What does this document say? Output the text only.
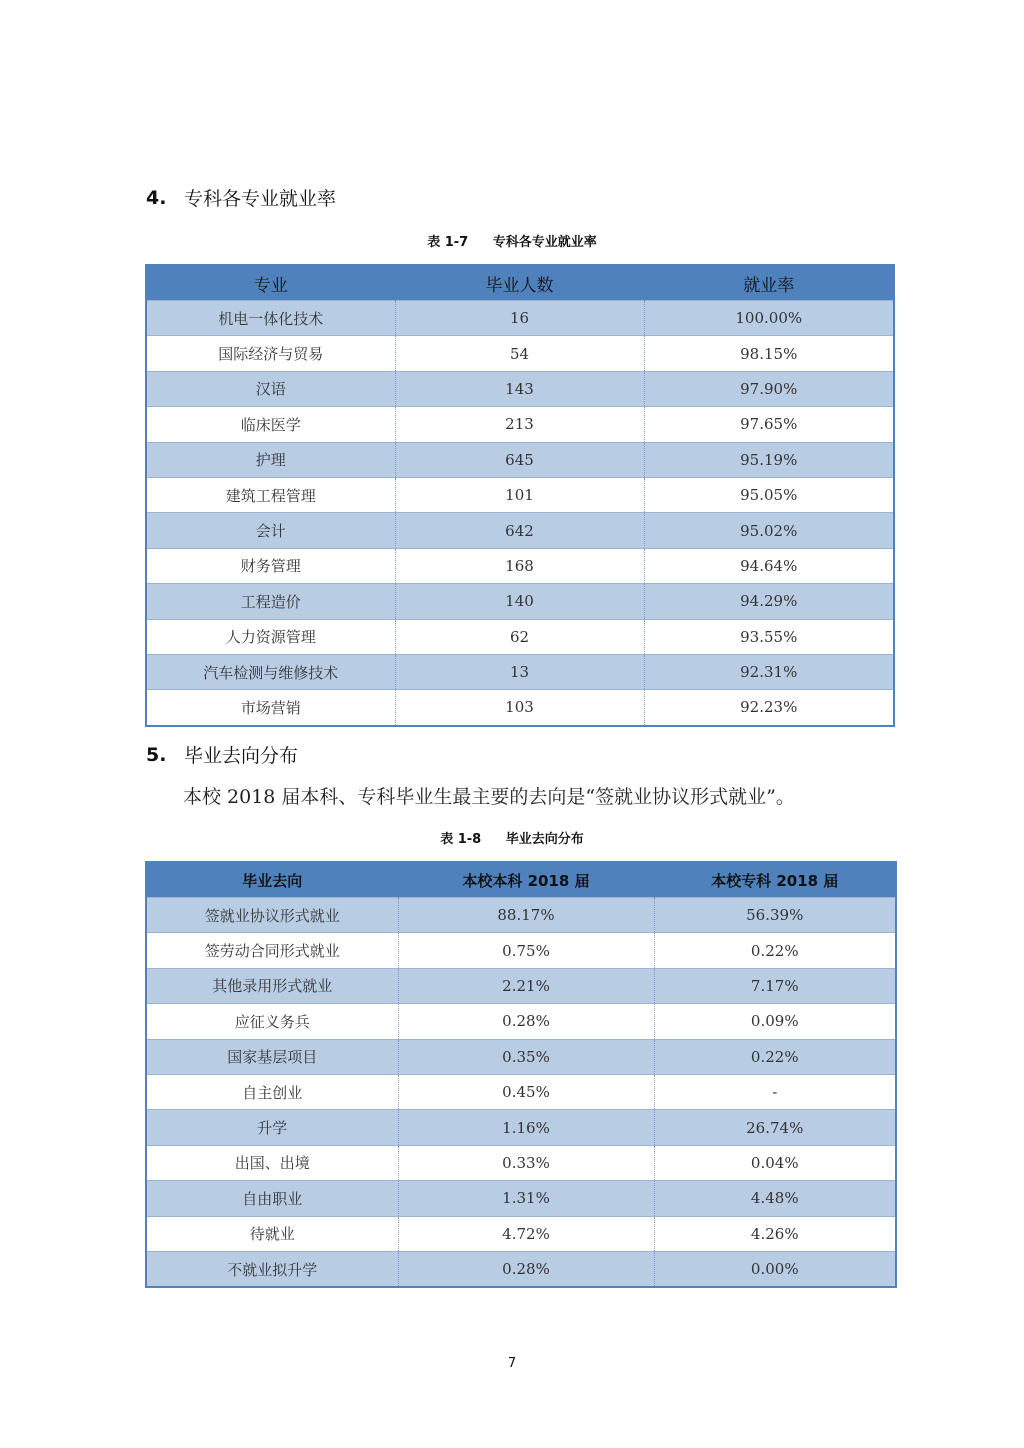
4. 专科各专业就业率
表 1-7 专科各专业就业率
专业	毕业人数	就业率
机电一体化技术	16	100.00%
国际经济与贸易	54	98.15%
汉语	143	97.90%
临床医学	213	97.65%
护理	645	95.19%
建筑工程管理	101	95.05%
会计	642	95.02%
财务管理	168	94.64%
工程造价	140	94.29%
人力资源管理	62	93.55%
汽车检测与维修技术	13	92.31%
市场营销	103	92.23%
5. 毕业去向分布
本校 2018 届本科、专科毕业生最主要的去向是“签就业协议形式就业”。
表 1-8 毕业去向分布
毕业去向	本校本科 2018 届	本校专科 2018 届
签就业协议形式就业	88.17%	56.39%
签劳动合同形式就业	0.75%	0.22%
其他录用形式就业	2.21%	7.17%
应征义务兵	0.28%	0.09%
国家基层项目	0.35%	0.22%
自主创业	0.45%	-
升学	1.16%	26.74%
出国、出境	0.33%	0.04%
自由职业	1.31%	4.48%
待就业	4.72%	4.26%
不就业拟升学	0.28%	0.00%
7
